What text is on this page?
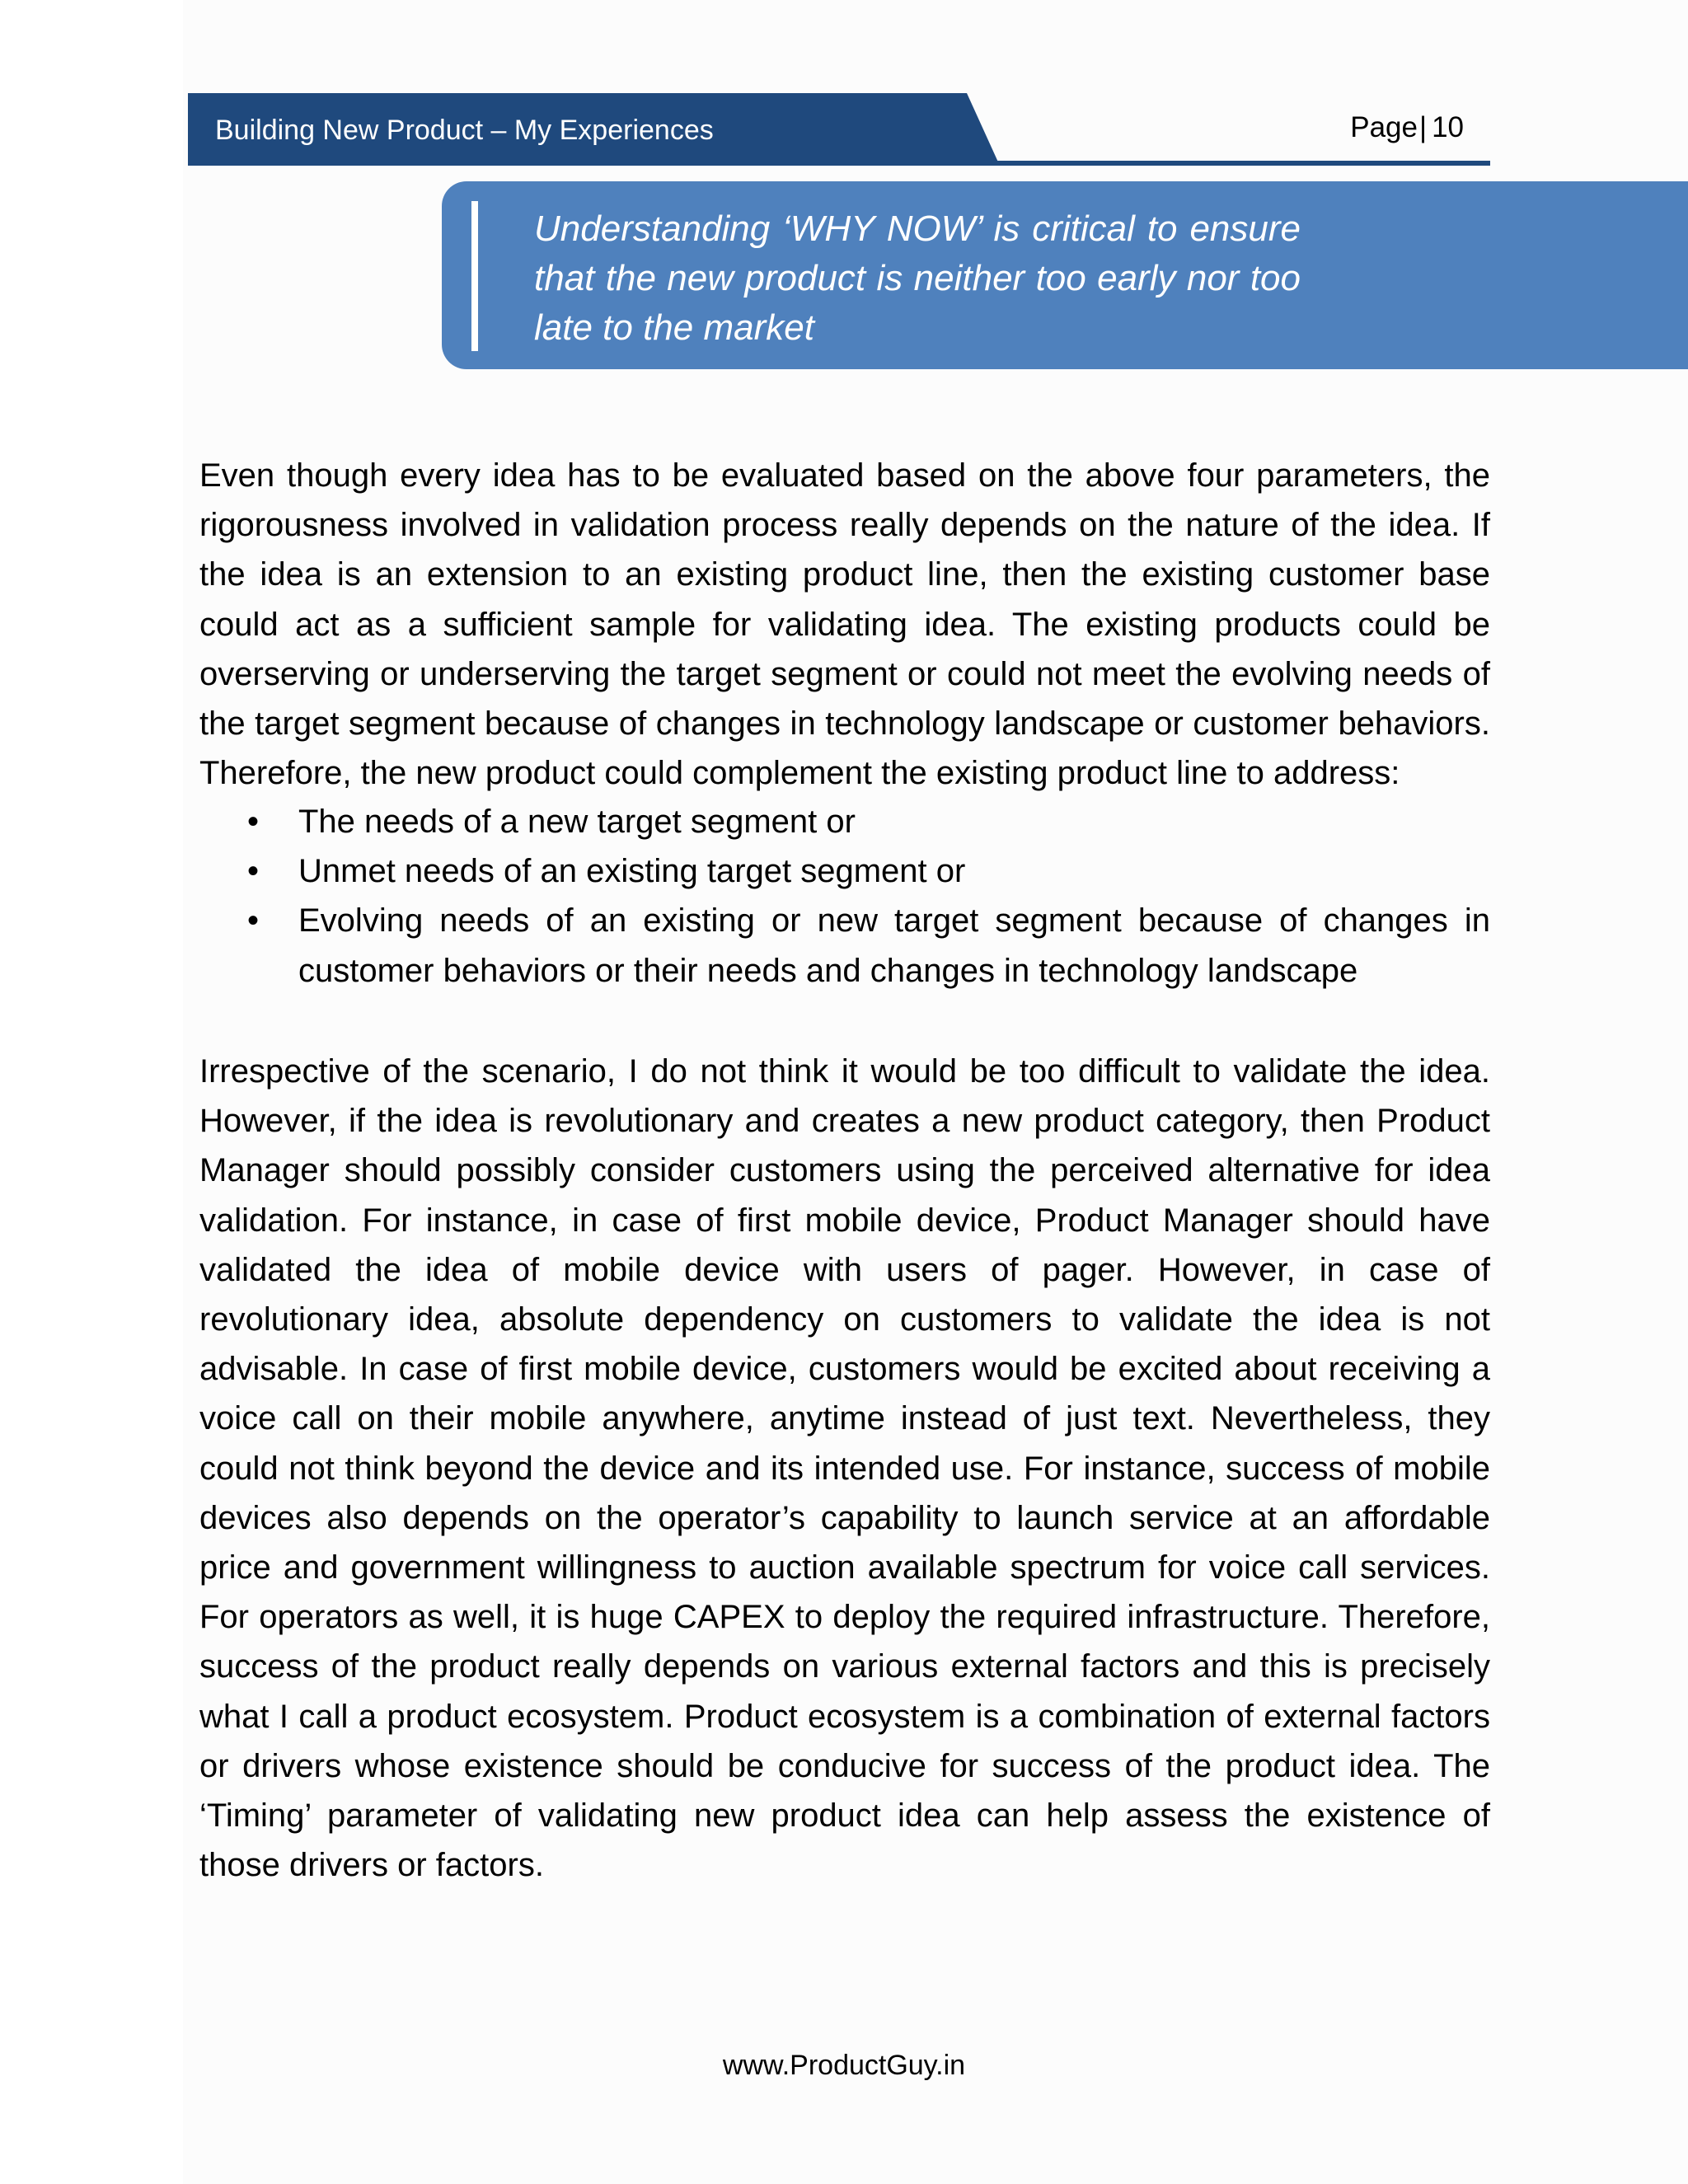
Building New Product – My Experiences	Page| 10
Understanding ‘WHY NOW’ is critical to ensure that the new product is neither too early nor too late to the market

Even though every idea has to be evaluated based on the above four parameters, the rigorousness involved in validation process really depends on the nature of the idea. If the idea is an extension to an existing product line, then the existing customer base could act as a sufficient sample for validating idea. The existing products could be overserving or underserving the target segment or could not meet the evolving needs of the target segment because of changes in technology landscape or customer behaviors. Therefore, the new product could complement the existing product line to address:

• The needs of a new target segment or
• Unmet needs of an existing target segment or
• Evolving needs of an existing or new target segment because of changes in customer behaviors or their needs and changes in technology landscape

Irrespective of the scenario, I do not think it would be too difficult to validate the idea. However, if the idea is revolutionary and creates a new product category, then Product Manager should possibly consider customers using the perceived alternative for idea validation. For instance, in case of first mobile device, Product Manager should have validated the idea of mobile device with users of pager. However, in case of revolutionary idea, absolute dependency on customers to validate the idea is not advisable. In case of first mobile device, customers would be excited about receiving a voice call on their mobile anywhere, anytime instead of just text. Nevertheless, they could not think beyond the device and its intended use. For instance, success of mobile devices also depends on the operator’s capability to launch service at an affordable price and government willingness to auction available spectrum for voice call services. For operators as well, it is huge CAPEX to deploy the required infrastructure. Therefore, success of the product really depends on various external factors and this is precisely what I call a product ecosystem. Product ecosystem is a combination of external factors or drivers whose existence should be conducive for success of the product idea. The ‘Timing’ parameter of validating new product idea can help assess the existence of those drivers or factors.

www.ProductGuy.in
